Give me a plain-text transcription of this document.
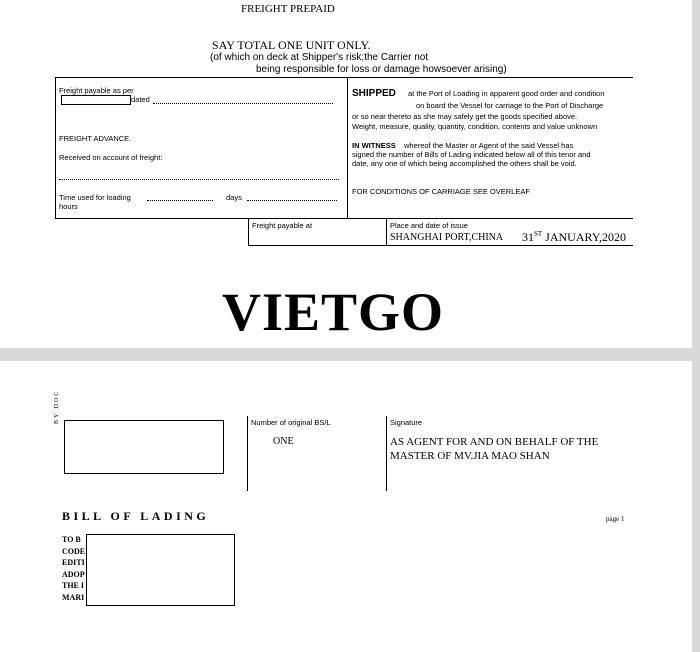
FREIGHT PREPAID
SAY TOTAL ONE UNIT ONLY.
(of which on deck at Shipper's risk;the Carrier not
being responsible for loss or damage howsoever arising)
Freight payable as per
dated
FREIGHT ADVANCE.
Received on account of freight:
Time used for loading	days
hours
SHIPPED at the Port of Loading in apparent good order and condition
on board the Vessel for carriage to the Port of Discharge
or so near thereto as she may safely get the goods specified above.
Weight, measure, quality, quantity, condition, contents and value unknown
IN WITNESS whereof the Master or Agent of the said Vessel has
signed the number of Bills of Lading indicated below all of this tenor and
date, any one of which being accomplished the others shall be void.
FOR CONDITIONS OF CARRIAGE SEE OVERLEAF
Freight payable at	Place and date of issue
SHANGHAI PORT,CHINA 31ST JANUARY,2020
VIETGO
BY DOC	Number of original BS/L
ONE
Signature
AS AGENT FOR AND ON BEHALF OF THE
MASTER OF MV.JIA MAO SHAN
BILL OF LADING	page 1
TO B
CODE
EDITI
ADOP
THE I
MARI
